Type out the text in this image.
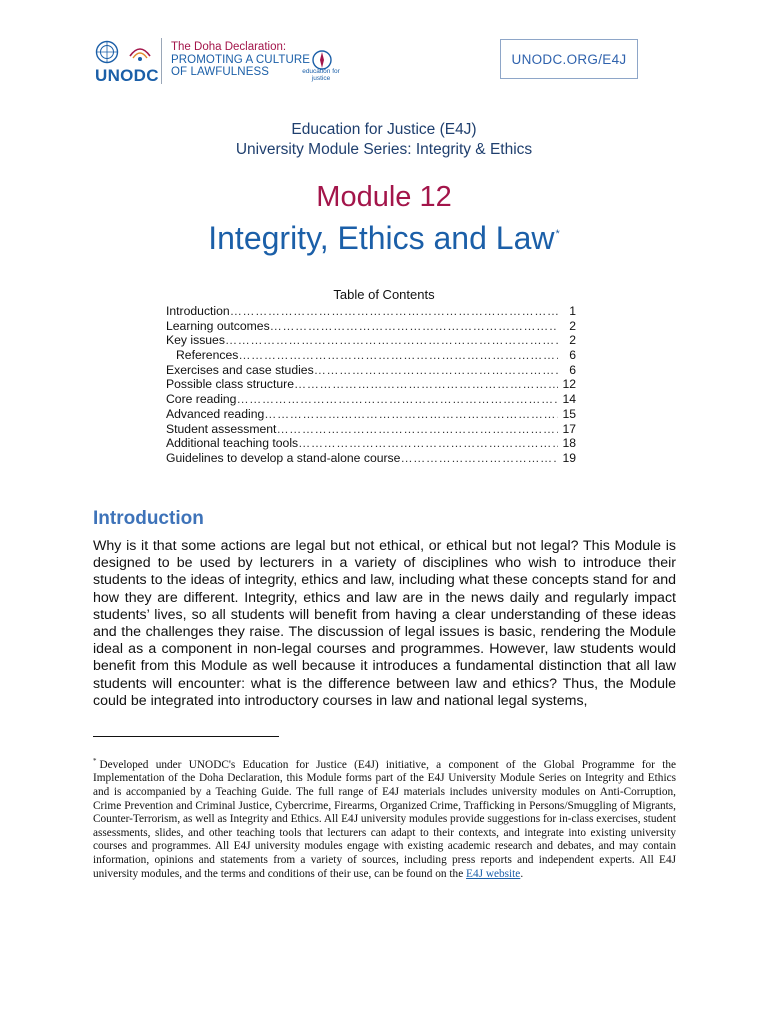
UNODC
The Doha Declaration:
PROMOTING A CULTURE
OF LAWFULNESS	education for justice
UNODC.ORG/E4J
Education for Justice (E4J)
University Module Series: Integrity & Ethics
Module 12
Integrity, Ethics and Law*
Table of Contents
Introduction …………………………………………………………………………………………………………………………………………	1
Learning outcomes …………………………………………………………………………………………………………………………………………	2
Key issues …………………………………………………………………………………………………………………………………………	2
References …………………………………………………………………………………………………………………………………………	6
Exercises and case studies …………………………………………………………………………………………………………………………………………	6
Possible class structure …………………………………………………………………………………………………………………………………………	12
Core reading …………………………………………………………………………………………………………………………………………	14
Advanced reading …………………………………………………………………………………………………………………………………………	15
Student assessment …………………………………………………………………………………………………………………………………………	17
Additional teaching tools …………………………………………………………………………………………………………………………………………	18
Guidelines to develop a stand-alone course …………………………………………………………………………………………………………………………………………	19
Introduction
Why is it that some actions are legal but not ethical, or ethical but not legal? This Module is designed to be used by lecturers in a variety of disciplines who wish to introduce their students to the ideas of integrity, ethics and law, including what these concepts stand for and how they are different. Integrity, ethics and law are in the news daily and regularly impact students’ lives, so all students will benefit from having a clear understanding of these ideas and the challenges they raise. The discussion of legal issues is basic, rendering the Module ideal as a component in non-legal courses and programmes. However, law students would benefit from this Module as well because it introduces a fundamental distinction that all law students will encounter: what is the difference between law and ethics? Thus, the Module could be integrated into introductory courses in law and national legal systems,
* Developed under UNODC's Education for Justice (E4J) initiative, a component of the Global Programme for the Implementation of the Doha Declaration, this Module forms part of the E4J University Module Series on Integrity and Ethics and is accompanied by a Teaching Guide. The full range of E4J materials includes university modules on Anti-Corruption, Crime Prevention and Criminal Justice, Cybercrime, Firearms, Organized Crime, Trafficking in Persons/Smuggling of Migrants, Counter-Terrorism, as well as Integrity and Ethics. All E4J university modules provide suggestions for in-class exercises, student assessments, slides, and other teaching tools that lecturers can adapt to their contexts, and integrate into existing university courses and programmes. All E4J university modules engage with existing academic research and debates, and may contain information, opinions and statements from a variety of sources, including press reports and independent experts. All E4J university modules, and the terms and conditions of their use, can be found on the E4J website.
